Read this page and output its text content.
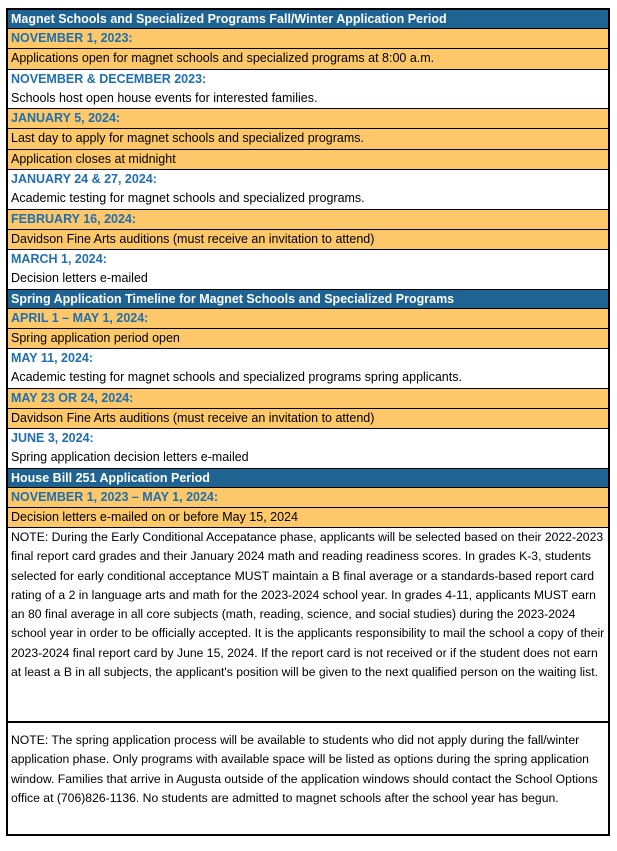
Magnet Schools and Specialized Programs Fall/Winter Application Period
NOVEMBER 1, 2023:
Applications open for magnet schools and specialized programs at 8:00 a.m.
NOVEMBER & DECEMBER 2023:
Schools host open house events for interested families.
JANUARY 5, 2024:
Last day to apply for magnet schools and specialized programs.
Application closes at midnight
JANUARY 24 & 27, 2024:
Academic testing for magnet schools and specialized programs.
FEBRUARY 16, 2024:
Davidson Fine Arts auditions (must receive an invitation to attend)
MARCH 1, 2024:
Decision letters e-mailed
Spring Application Timeline for Magnet Schools and Specialized Programs
APRIL 1 – MAY 1, 2024:
Spring application period open
MAY 11, 2024:
Academic testing for magnet schools and specialized programs spring applicants.
MAY 23 OR 24, 2024:
Davidson Fine Arts auditions (must receive an invitation to attend)
JUNE 3, 2024:
Spring application decision letters e-mailed
House Bill 251 Application Period
NOVEMBER 1, 2023 – MAY 1, 2024:
Decision letters e-mailed on or before May 15, 2024
NOTE: During the Early Conditional Accepatance phase, applicants will be selected based on their 2022-2023 final report card grades and their January 2024 math and reading readiness scores. In grades K-3, students selected for early conditional acceptance MUST maintain a B final average or a standards-based report card rating of a 2 in language arts and math for the 2023-2024 school year. In grades 4-11, applicants MUST earn an 80 final average in all core subjects (math, reading, science, and social studies) during the 2023-2024 school year in order to be officially accepted. It is the applicants responsibility to mail the school a copy of their 2023-2024 final report card by June 15, 2024. If the report card is not received or if the student does not earn at least a B in all subjects, the applicant's position will be given to the next qualified person on the waiting list.
NOTE: The spring application process will be available to students who did not apply during the fall/winter application phase. Only programs with available space will be listed as options during the spring application window. Families that arrive in Augusta outside of the application windows should contact the School Options office at (706)826-1136. No students are admitted to magnet schools after the school year has begun.
